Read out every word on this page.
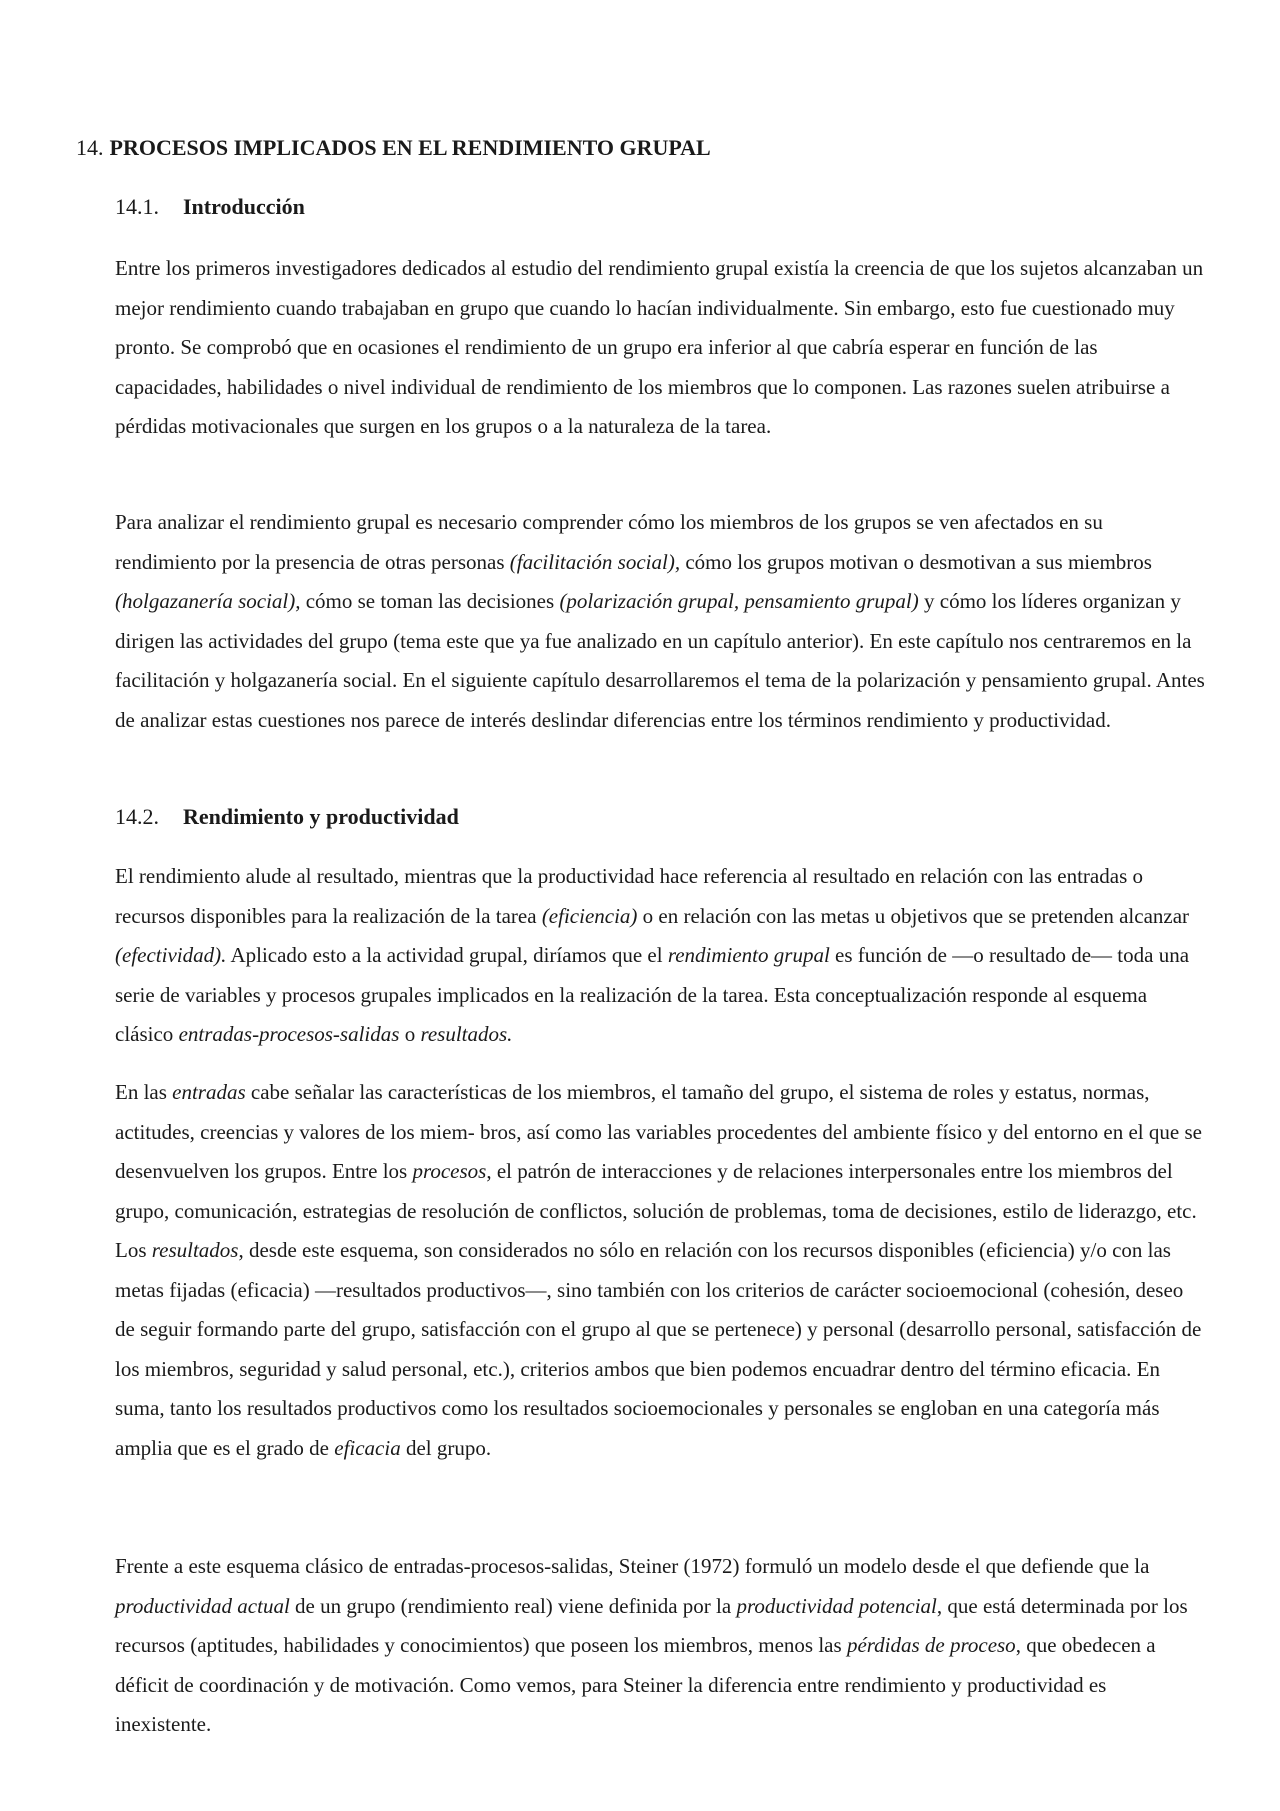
14. PROCESOS IMPLICADOS EN EL RENDIMIENTO GRUPAL
14.1. Introducción

Entre los primeros investigadores dedicados al estudio del rendimiento grupal existía la creencia de que los sujetos alcanzaban un mejor rendimiento cuando trabajaban en grupo que cuando lo hacían individualmente. Sin embargo, esto fue cuestionado muy pronto. Se comprobó que en ocasiones el rendimiento de un grupo era inferior al que cabría esperar en función de las capacidades, habilidades o nivel individual de rendimiento de los miembros que lo componen. Las razones suelen atribuirse a pérdidas motivacionales que surgen en los grupos o a la naturaleza de la tarea.

Para analizar el rendimiento grupal es necesario comprender cómo los miembros de los grupos se ven afectados en su rendimiento por la presencia de otras personas (facilitación social), cómo los grupos motivan o desmotivan a sus miembros (holgazanería social), cómo se toman las decisiones (polarización grupal, pensamiento grupal) y cómo los líderes organizan y dirigen las actividades del grupo (tema este que ya fue analizado en un capítulo anterior). En este capítulo nos centraremos en la facilitación y holgazanería social. En el siguiente capítulo desarrollaremos el tema de la polarización y pensamiento grupal. Antes de analizar estas cuestiones nos parece de interés deslindar diferencias entre los términos rendimiento y productividad.

14.2. Rendimiento y productividad

El rendimiento alude al resultado, mientras que la productividad hace referencia al resultado en relación con las entradas o recursos disponibles para la realización de la tarea (eficiencia) o en relación con las metas u objetivos que se pretenden alcanzar (efectividad). Aplicado esto a la actividad grupal, diríamos que el rendimiento grupal es función de —o resultado de— toda una serie de variables y procesos grupales implicados en la realización de la tarea. Esta conceptualización responde al esquema clásico entradas-procesos-salidas o resultados.

En las entradas cabe señalar las características de los miembros, el tamaño del grupo, el sistema de roles y estatus, normas, actitudes, creencias y valores de los miem- bros, así como las variables procedentes del ambiente físico y del entorno en el que se desenvuelven los grupos. Entre los procesos, el patrón de interacciones y de relaciones interpersonales entre los miembros del grupo, comunicación, estrategias de resolución de conflictos, solución de problemas, toma de decisiones, estilo de liderazgo, etc. Los resultados, desde este esquema, son considerados no sólo en relación con los recursos disponibles (eficiencia) y/o con las metas fijadas (eficacia) —resultados productivos—, sino también con los criterios de carácter socioemocional (cohesión, deseo de seguir formando parte del grupo, satisfacción con el grupo al que se pertenece) y personal (desarrollo personal, satisfacción de los miembros, seguridad y salud personal, etc.), criterios ambos que bien podemos encuadrar dentro del término eficacia. En suma, tanto los resultados productivos como los resultados socioemocionales y personales se engloban en una categoría más amplia que es el grado de eficacia del grupo.

Frente a este esquema clásico de entradas-procesos-salidas, Steiner (1972) formuló un modelo desde el que defiende que la productividad actual de un grupo (rendimiento real) viene definida por la productividad potencial, que está determinada por los recursos (aptitudes, habilidades y conocimientos) que poseen los miembros, menos las pérdidas de proceso, que obedecen a déficit de coordinación y de motivación. Como vemos, para Steiner la diferencia entre rendimiento y productividad es inexistente.
